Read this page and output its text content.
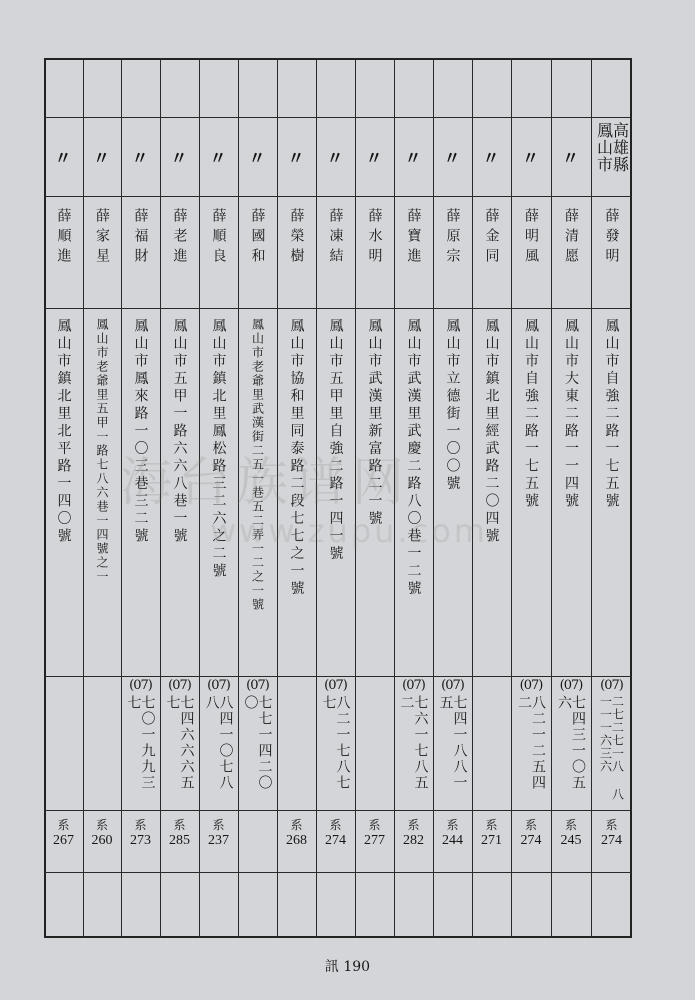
高雄縣 鳳山市
薛發明
鳳山市自強二路一七五號
(07)
二七二七一八 八一一一六三六
系
274
〃
薛清愿
鳳山市大東二路一一四號
(07)
七四三一〇五六
系
245
〃
薛明風
鳳山市自強二路一七五號
(07)
八二一二五四二
系
274
〃
薛金同
鳳山市鎮北里經武路二〇四號
系
271
〃
薛原宗
鳳山市立德街一〇〇號
(07)
七四一八八一五
系
244
〃
薛寶進
鳳山市武漢里武慶二路八〇巷一二號
(07)
七六一七八五二
系
282
〃
薛水明
鳳山市武漢里新富路二一號
系
277
〃
薛凍結
鳳山市五甲里自強二路一四一號
(07)
八二一七八七七
系
274
〃
薛榮樹
鳳山市協和里同泰路二段七七之一號
系
268
〃
薛國和
鳳山市老爺里武漢街二五一巷五二弄一二之一號
(07)
七七一四二〇〇
〃
薛順良
鳳山市鎮北里鳳松路三二六之二號
(07)
八四一〇七八八
系
237
〃
薛老進
鳳山市五甲一路六六八巷一號
(07)
七四六六六五七
系
285
〃
薛福財
鳳山市鳳來路一〇三巷三二號
(07)
七〇一九九三七
系
273
〃
薛家星
鳳山市老爺里五甲一路七八六巷一四號之一
系
260
〃
薛順進
鳳山市鎮北里北平路一四〇號
系
267
海台族谱网
www.zupu.com
訊 190
